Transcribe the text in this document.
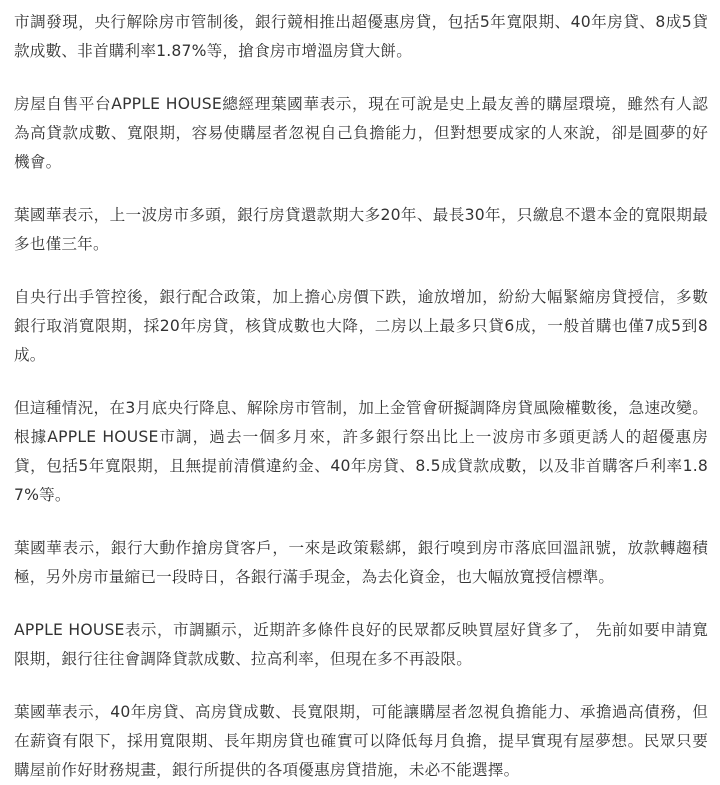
市調發現，央行解除房市管制後，銀行競相推出超優惠房貸，包括5年寬限期、40年房貸、8成5貸款成數、非首購利率1.87%等，搶食房市增溫房貸大餅。

房屋自售平台APPLE HOUSE總經理葉國華表示，現在可說是史上最友善的購屋環境，雖然有人認為高貸款成數、寬限期，容易使購屋者忽視自己負擔能力，但對想要成家的人來說，卻是圓夢的好機會。

葉國華表示，上一波房市多頭，銀行房貸還款期大多20年、最長30年，只繳息不還本金的寬限期最多也僅三年。

自央行出手管控後，銀行配合政策，加上擔心房價下跌，逾放增加，紛紛大幅緊縮房貸授信，多數銀行取消寬限期，採20年房貸，核貸成數也大降，二房以上最多只貸6成，一般首購也僅7成5到8成。

但這種情況，在3月底央行降息、解除房市管制，加上金管會研擬調降房貸風險權數後，急速改變。根據APPLE HOUSE市調，過去一個多月來，許多銀行祭出比上一波房市多頭更誘人的超優惠房貸，包括5年寬限期，且無提前清償違約金、40年房貸、8.5成貸款成數，以及非首購客戶利率1.87%等。

葉國華表示，銀行大動作搶房貸客戶，一來是政策鬆綁，銀行嗅到房市落底回溫訊號，放款轉趨積極，另外房市量縮已一段時日，各銀行滿手現金，為去化資金，也大幅放寬授信標準。

APPLE HOUSE表示，市調顯示，近期許多條件良好的民眾都反映買屋好貸多了， 先前如要申請寬限期，銀行往往會調降貸款成數、拉高利率，但現在多不再設限。

葉國華表示，40年房貸、高房貸成數、長寬限期，可能讓購屋者忽視負擔能力、承擔過高債務，但在薪資有限下，採用寬限期、長年期房貸也確實可以降低每月負擔，提早實現有屋夢想。民眾只要購屋前作好財務規畫，銀行所提供的各項優惠房貸措施，未必不能選擇。
